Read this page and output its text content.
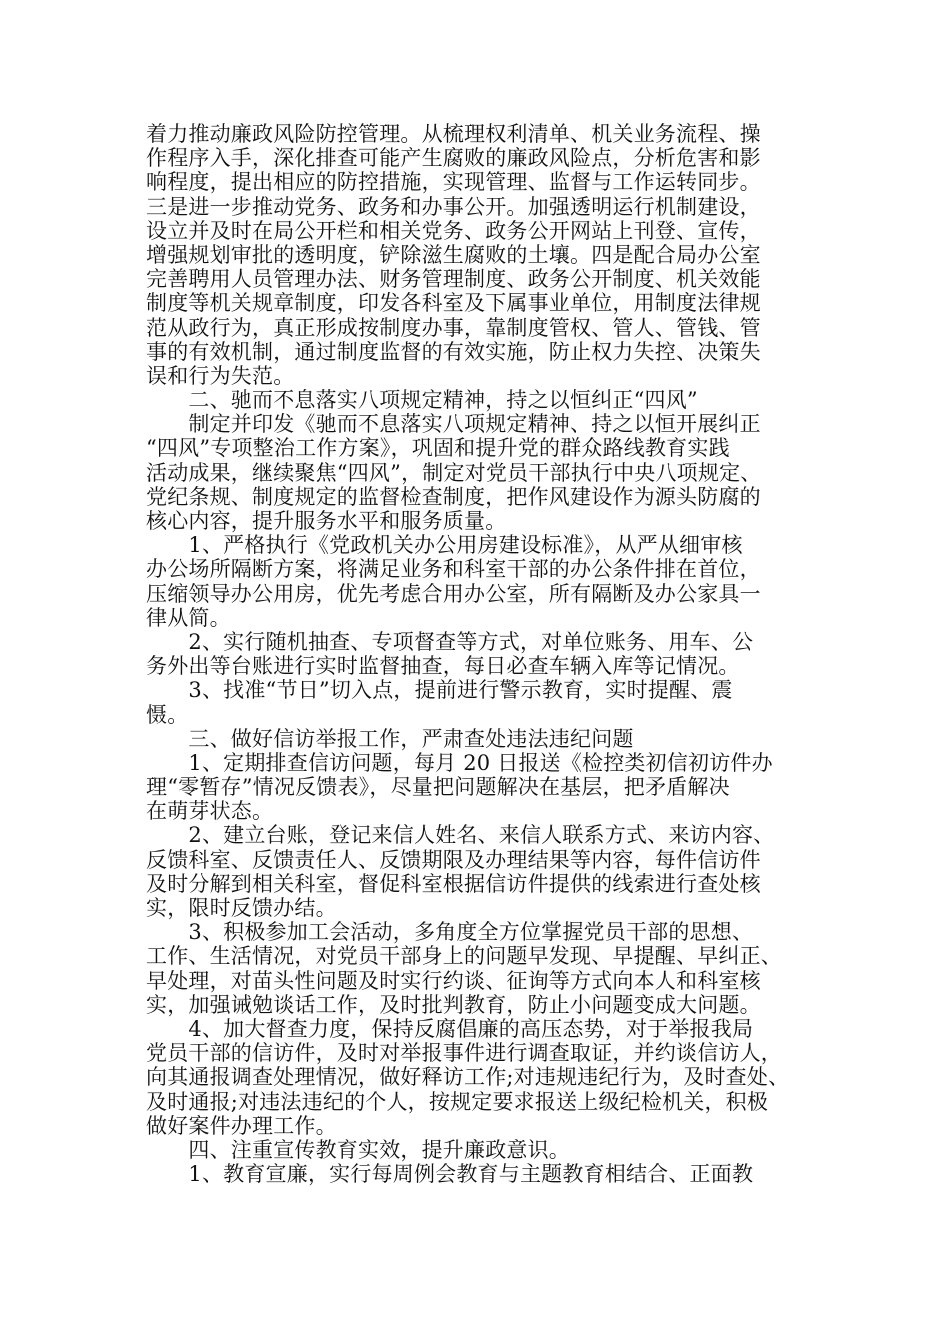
着力推动廉政风险防控管理。从梳理权利清单、机关业务流程、操
作程序入手，深化排查可能产生腐败的廉政风险点，分析危害和影
响程度，提出相应的防控措施，实现管理、监督与工作运转同步。
三是进一步推动党务、政务和办事公开。加强透明运行机制建设，
设立并及时在局公开栏和相关党务、政务公开网站上刊登、宣传，
增强规划审批的透明度，铲除滋生腐败的土壤。四是配合局办公室
完善聘用人员管理办法、财务管理制度、政务公开制度、机关效能
制度等机关规章制度，印发各科室及下属事业单位，用制度法律规
范从政行为，真正形成按制度办事，靠制度管权、管人、管钱、管
事的有效机制，通过制度监督的有效实施，防止权力失控、决策失
误和行为失范。
　　二、驰而不息落实八项规定精神，持之以恒纠正“四风”
　　制定并印发《驰而不息落实八项规定精神、持之以恒开展纠正
“四风”专项整治工作方案》，巩固和提升党的群众路线教育实践
活动成果，继续聚焦“四风”，制定对党员干部执行中央八项规定、
党纪条规、制度规定的监督检查制度，把作风建设作为源头防腐的
核心内容，提升服务水平和服务质量。
　　1、严格执行《党政机关办公用房建设标准》，从严从细审核
办公场所隔断方案，将满足业务和科室干部的办公条件排在首位，
压缩领导办公用房，优先考虑合用办公室，所有隔断及办公家具一
律从简。
　　2、实行随机抽查、专项督查等方式，对单位账务、用车、公
务外出等台账进行实时监督抽查，每日必查车辆入库等记情况。
　　3、找准“节日”切入点，提前进行警示教育，实时提醒、震
慑。
　　三、做好信访举报工作，严肃查处违法违纪问题
　　1、定期排查信访问题，每月 20 日报送《检控类初信初访件办
理“零暂存”情况反馈表》，尽量把问题解决在基层，把矛盾解决
在萌芽状态。
　　2、建立台账，登记来信人姓名、来信人联系方式、来访内容、
反馈科室、反馈责任人、反馈期限及办理结果等内容，每件信访件
及时分解到相关科室，督促科室根据信访件提供的线索进行查处核
实，限时反馈办结。
　　3、积极参加工会活动，多角度全方位掌握党员干部的思想、
工作、生活情况，对党员干部身上的问题早发现、早提醒、早纠正、
早处理，对苗头性问题及时实行约谈、征询等方式向本人和科室核
实，加强诫勉谈话工作，及时批判教育，防止小问题变成大问题。
　　4、加大督查力度，保持反腐倡廉的高压态势，对于举报我局
党员干部的信访件，及时对举报事件进行调查取证，并约谈信访人，
向其通报调查处理情况，做好释访工作;对违规违纪行为，及时查处、
及时通报;对违法违纪的个人，按规定要求报送上级纪检机关，积极
做好案件办理工作。
　　四、注重宣传教育实效，提升廉政意识。
　　1、教育宣廉，实行每周例会教育与主题教育相结合、正面教
